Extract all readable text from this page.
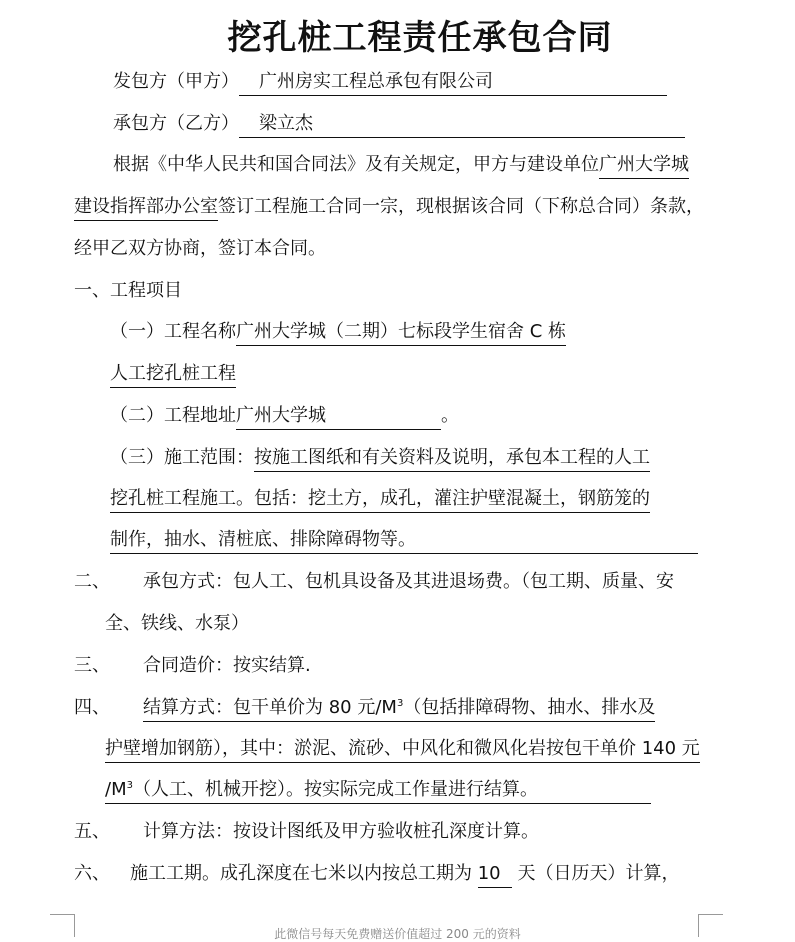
挖孔桩工程责任承包合同
发包方（甲方） 广州房实工程总承包有限公司
承包方（乙方） 梁立杰
根据《中华人民共和国合同法》及有关规定，甲方与建设单位广州大学城
建设指挥部办公室签订工程施工合同一宗，现根据该合同（下称总合同）条款，
经甲乙双方协商，签订本合同。
一、工程项目
（一）工程名称广州大学城（二期）七标段学生宿舍 C 栋
人工挖孔桩工程
（二）工程地址广州大学城	。
（三）施工范围：按施工图纸和有关资料及说明，承包本工程的人工
挖孔桩工程施工。包括：挖土方，成孔，灌注护壁混凝土，钢筋笼的
制作，抽水、清桩底、排除障碍物等。
二、 承包方式：包人工、包机具设备及其进退场费。（包工期、质量、安
全、铁线、水泵）
三、 合同造价：按实结算.
四、 结算方式：包干单价为 80 元$/M^3$（包括排障碍物、抽水、排水及
护壁增加钢筋），其中：淤泥、流砂、中风化和微风化岩按包干单价 140 元
$/M^3$（人工、机械开挖）。按实际完成工作量进行结算。
五、 计算方法：按设计图纸及甲方验收桩孔深度计算。
六、 施工工期。成孔深度在七米以内按总工期为 10 天（日历天）计算，
此微信号每天免费赠送价值超过 200 元的资料
